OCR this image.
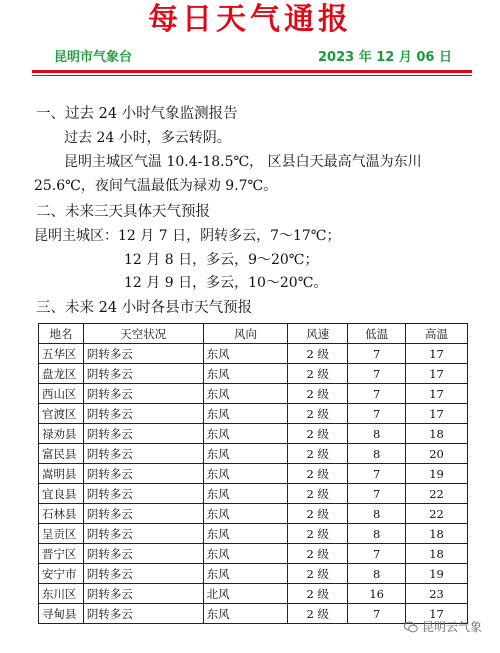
每日天气通报
昆明市气象台	2023 年 12 月 06 日
一、过去 24 小时气象监测报告
过去 24 小时，多云转阴。
昆明主城区气温 10.4-18.5℃， 区县白天最高气温为东川
25.6℃，夜间气温最低为禄劝 9.7℃。
二、未来三天具体天气预报
昆明主城区：12 月 7 日，阴转多云，7～17℃；
12 月 8 日，多云，9～20℃；
12 月 9 日，多云，10～20℃。
三、未来 24 小时各县市天气预报
地名	天空状况	风向	风速	低温	高温
五华区	阴转多云	东风	2 级	7	17
盘龙区	阴转多云	东风	2 级	7	17
西山区	阴转多云	东风	2 级	7	17
官渡区	阴转多云	东风	2 级	7	17
禄劝县	阴转多云	东风	2 级	8	18
富民县	阴转多云	东风	2 级	8	20
嵩明县	阴转多云	东风	2 级	7	19
宜良县	阴转多云	东风	2 级	7	22
石林县	阴转多云	东风	2 级	8	22
呈贡区	阴转多云	东风	2 级	8	18
晋宁区	阴转多云	东风	2 级	7	18
安宁市	阴转多云	东风	2 级	8	19
东川区	阴转多云	北风	2 级	16	23
寻甸县	阴转多云	东风	2 级	7	17
昆明云气象
